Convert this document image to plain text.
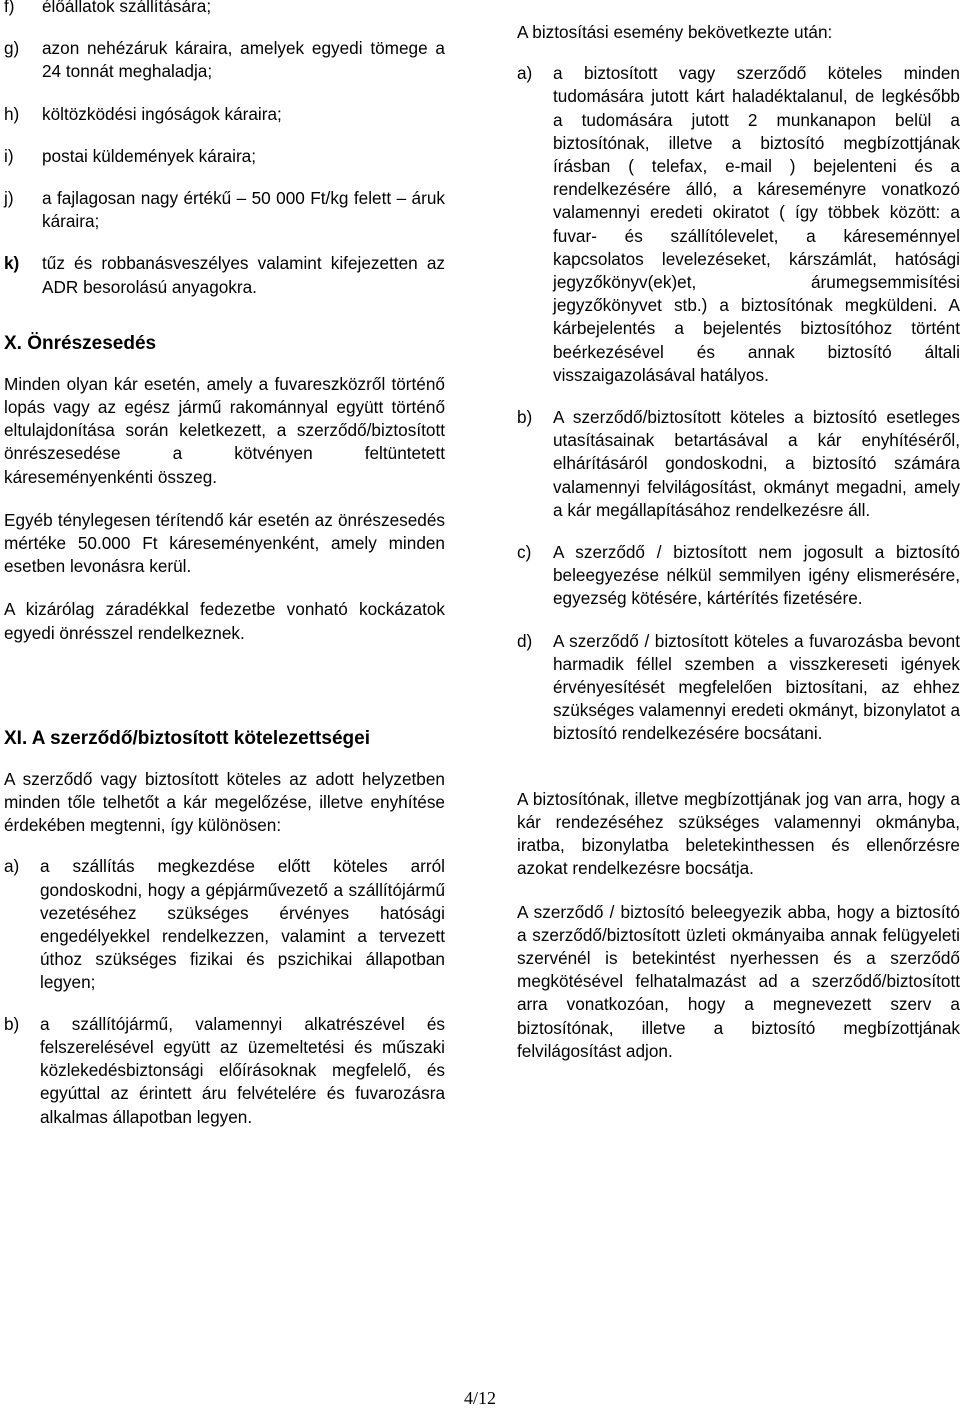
f)	élőállatok szállítására;
g)	azon nehézáruk káraira, amelyek egyedi tömege a 24 tonnát meghaladja;
h)	költözködési ingóságok káraira;
i)	postai küldemények káraira;
j)	a fajlagosan nagy értékű – 50 000 Ft/kg felett – áruk káraira;
k)	tűz és robbanásveszélyes valamint kifejezetten az ADR besorolású anyagokra.
X. Önrészesedés

Minden olyan kár esetén, amely a fuvareszközről történő lopás vagy az egész jármű rakománnyal együtt történő eltulajdonítása során keletkezett, a szerződő/biztosított önrészesedése a kötvényen feltüntetett káreseményenkénti összeg.

Egyéb ténylegesen térítendő kár esetén az önrészesedés mértéke 50.000 Ft káreseményenként, amely minden esetben levonásra kerül.

A kizárólag záradékkal fedezetbe vonható kockázatok egyedi önrésszel rendelkeznek.

XI. A szerződő/biztosított kötelezettségei

A szerződő vagy biztosított köteles az adott helyzetben minden tőle telhetőt a kár megelőzése, illetve enyhítése érdekében megtenni, így különösen:

a)	a szállítás megkezdése előtt köteles arról gondoskodni, hogy a gépjárművezető a szállítójármű vezetéséhez szükséges érvényes hatósági engedélyekkel rendelkezzen, valamint a tervezett úthoz szükséges fizikai és pszichikai állapotban legyen;
b)	a szállítójármű, valamennyi alkatrészével és felszerelésével együtt az üzemeltetési és műszaki közlekedésbiztonsági előírásoknak megfelelő, és egyúttal az érintett áru felvételére és fuvarozásra alkalmas állapotban legyen.

A biztosítási esemény bekövetkezte után:

a)	a biztosított vagy szerződő köteles minden tudomására jutott kárt haladéktalanul, de legkésőbb a tudomására jutott 2 munkanapon belül a biztosítónak, illetve a biztosító megbízottjának írásban ( telefax, e-mail ) bejelenteni és a rendelkezésére álló, a káreseményre vonatkozó valamennyi eredeti okiratot ( így többek között: a fuvar- és szállítólevelet, a káreseménnyel kapcsolatos levelezéseket, kárszámlát, hatósági jegyzőkönyv(ek)et, árumegsemmisítési jegyzőkönyvet stb.) a biztosítónak megküldeni. A kárbejelentés a bejelentés biztosítóhoz történt beérkezésével és annak biztosító általi visszaigazolásával hatályos.
b)	A szerződő/biztosított köteles a biztosító esetleges utasításainak betartásával a kár enyhítéséről, elhárításáról gondoskodni, a biztosító számára valamennyi felvilágosítást, okmányt megadni, amely a kár megállapításához rendelkezésre áll.
c)	A szerződő / biztosított nem jogosult a biztosító beleegyezése nélkül semmilyen igény elismerésére, egyezség kötésére, kártérítés fizetésére.
d)	A szerződő / biztosított köteles a fuvarozásba bevont harmadik féllel szemben a visszkereseti igények érvényesítését megfelelően biztosítani, az ehhez szükséges valamennyi eredeti okmányt, bizonylatot a biztosító rendelkezésére bocsátani.

A biztosítónak, illetve megbízottjának jog van arra, hogy a kár rendezéséhez szükséges valamennyi okmányba, iratba, bizonylatba beletekinthessen és ellenőrzésre azokat rendelkezésre bocsátja.

A szerződő / biztosító beleegyezik abba, hogy a biztosító a szerződő/biztosított üzleti okmányaiba annak felügyeleti szervénél is betekintést nyerhessen és a szerződő megkötésével felhatalmazást ad a szerződő/biztosított arra vonatkozóan, hogy a megnevezett szerv a biztosítónak, illetve a biztosító megbízottjának felvilágosítást adjon.

4/12
